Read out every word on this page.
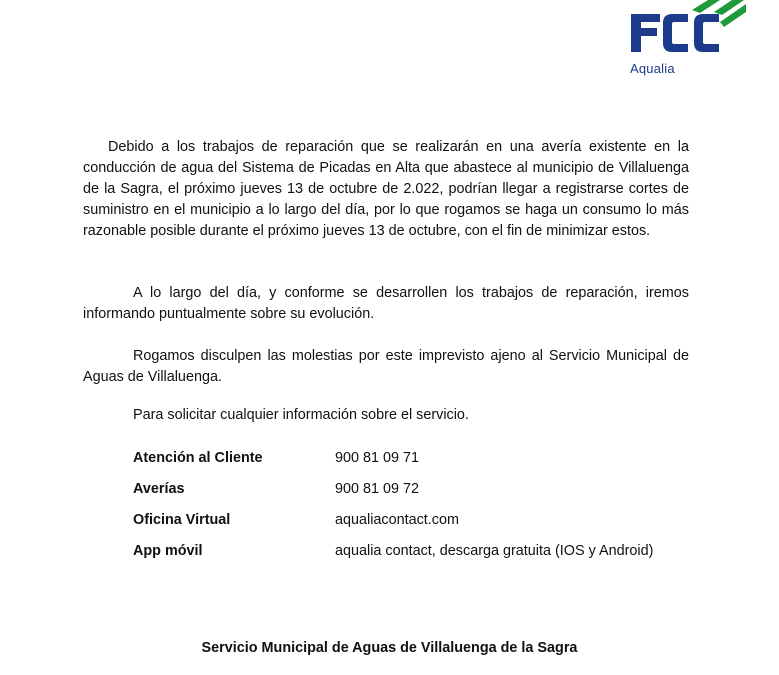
Aqualia

Debido a los trabajos de reparación que se realizarán en una avería existente en la conducción de agua del Sistema de Picadas en Alta que abastece al municipio de Villaluenga de la Sagra, el próximo jueves 13 de octubre de 2.022, podrían llegar a registrarse cortes de suministro en el municipio a lo largo del día, por lo que rogamos se haga un consumo lo más razonable posible durante el próximo jueves 13 de octubre, con el fin de minimizar estos.

A lo largo del día, y conforme se desarrollen los trabajos de reparación, iremos informando puntualmente sobre su evolución.

Rogamos disculpen las molestias por este imprevisto ajeno al Servicio Municipal de Aguas de Villaluenga.

Para solicitar cualquier información sobre el servicio.

Atención al Cliente	900 81 09 71
Averías	900 81 09 72
Oficina Virtual	aqualiacontact.com
App móvil	aqualia contact, descarga gratuita (IOS y Android)
Servicio Municipal de Aguas de Villaluenga de la Sagra
